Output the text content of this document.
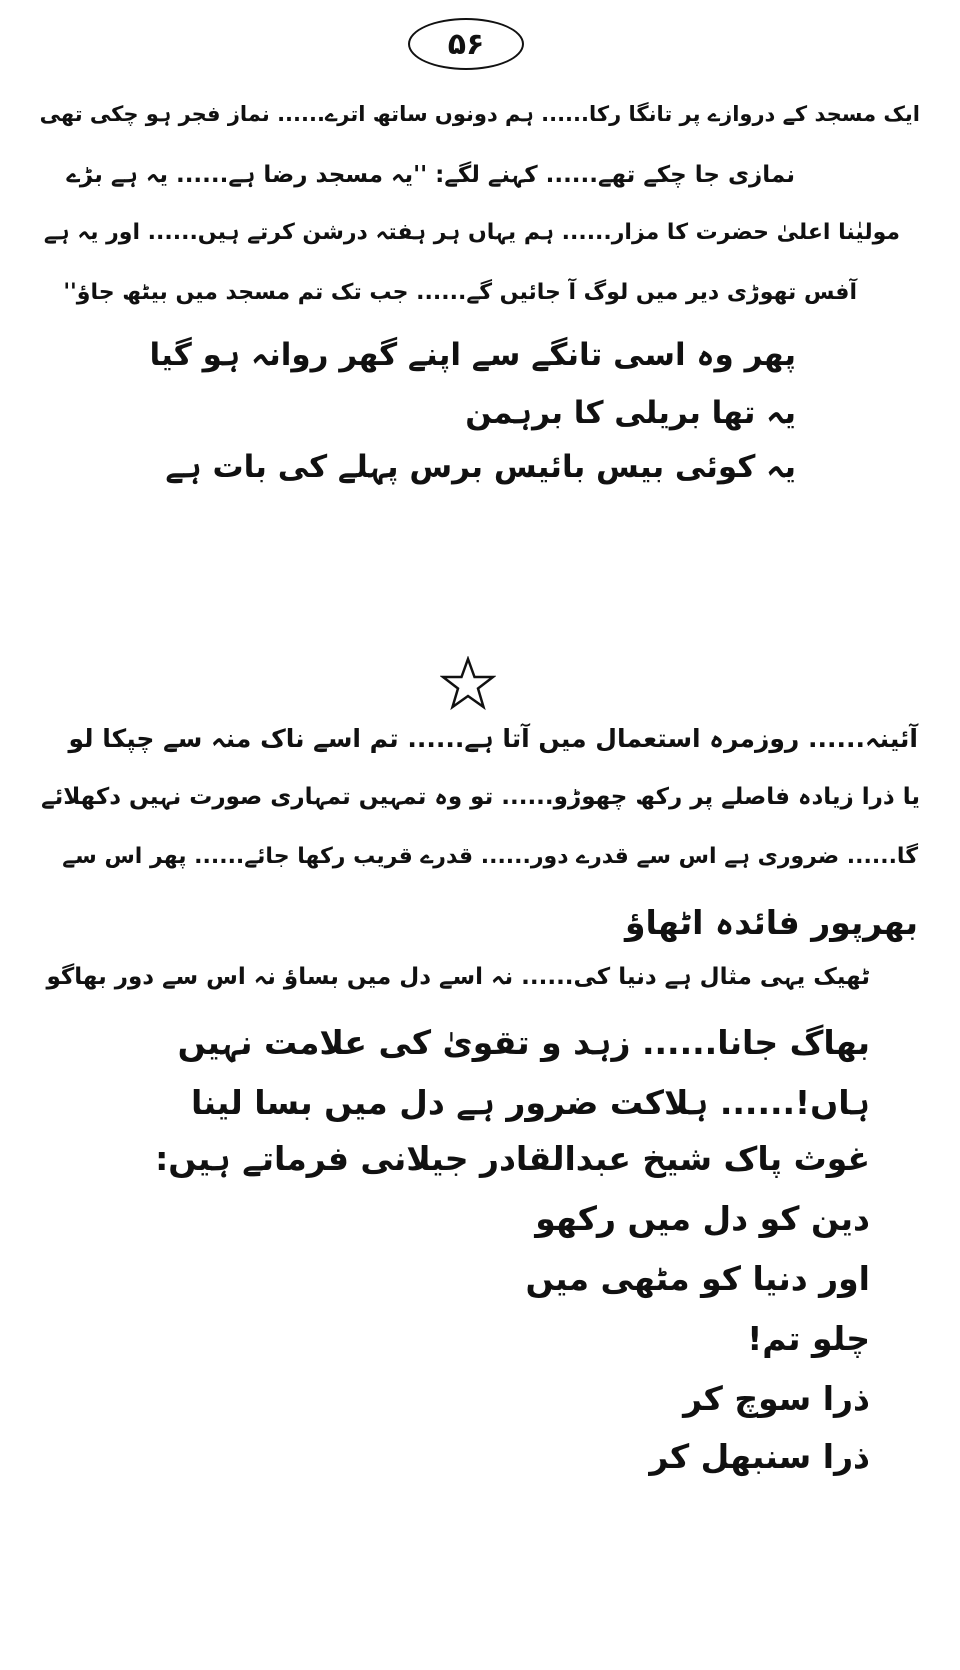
۵۶
ایک مسجد کے دروازے پر تانگا رکا...... ہم دونوں ساتھ اترے...... نماز فجر ہو چکی تھی
نمازی جا چکے تھے...... کہنے لگے: ''یہ مسجد رضا ہے...... یہ ہے بڑے
مولیٰنا اعلیٰ حضرت کا مزار...... ہم یہاں ہر ہفتہ درشن کرتے ہیں...... اور یہ ہے
آفس تھوڑی دیر میں لوگ آ جائیں گے...... جب تک تم مسجد میں بیٹھ جاؤ''
پھر وہ اسی تانگے سے اپنے گھر روانہ ہو گیا
یہ تھا بریلی کا برہمن
یہ کوئی بیس بائیس برس پہلے کی بات ہے
آئینہ...... روزمرہ استعمال میں آتا ہے...... تم اسے ناک منہ سے چپکا لو
یا ذرا زیادہ فاصلے پر رکھ چھوڑو...... تو وہ تمہیں تمہاری صورت نہیں دکھلائے
گا...... ضروری ہے اس سے قدرے دور...... قدرے قریب رکھا جائے...... پھر اس سے
بھرپور فائدہ اٹھاؤ
ٹھیک یہی مثال ہے دنیا کی...... نہ اسے دل میں بساؤ نہ اس سے دور بھاگو
بھاگ جانا...... زہد و تقویٰ کی علامت نہیں
ہاں!...... ہلاکت ضرور ہے دل میں بسا لینا
غوث پاک شیخ عبدالقادر جیلانی فرماتے ہیں:
دین کو دل میں رکھو
اور دنیا کو مٹھی میں
چلو تم!
ذرا سوچ کر
ذرا سنبھل کر
